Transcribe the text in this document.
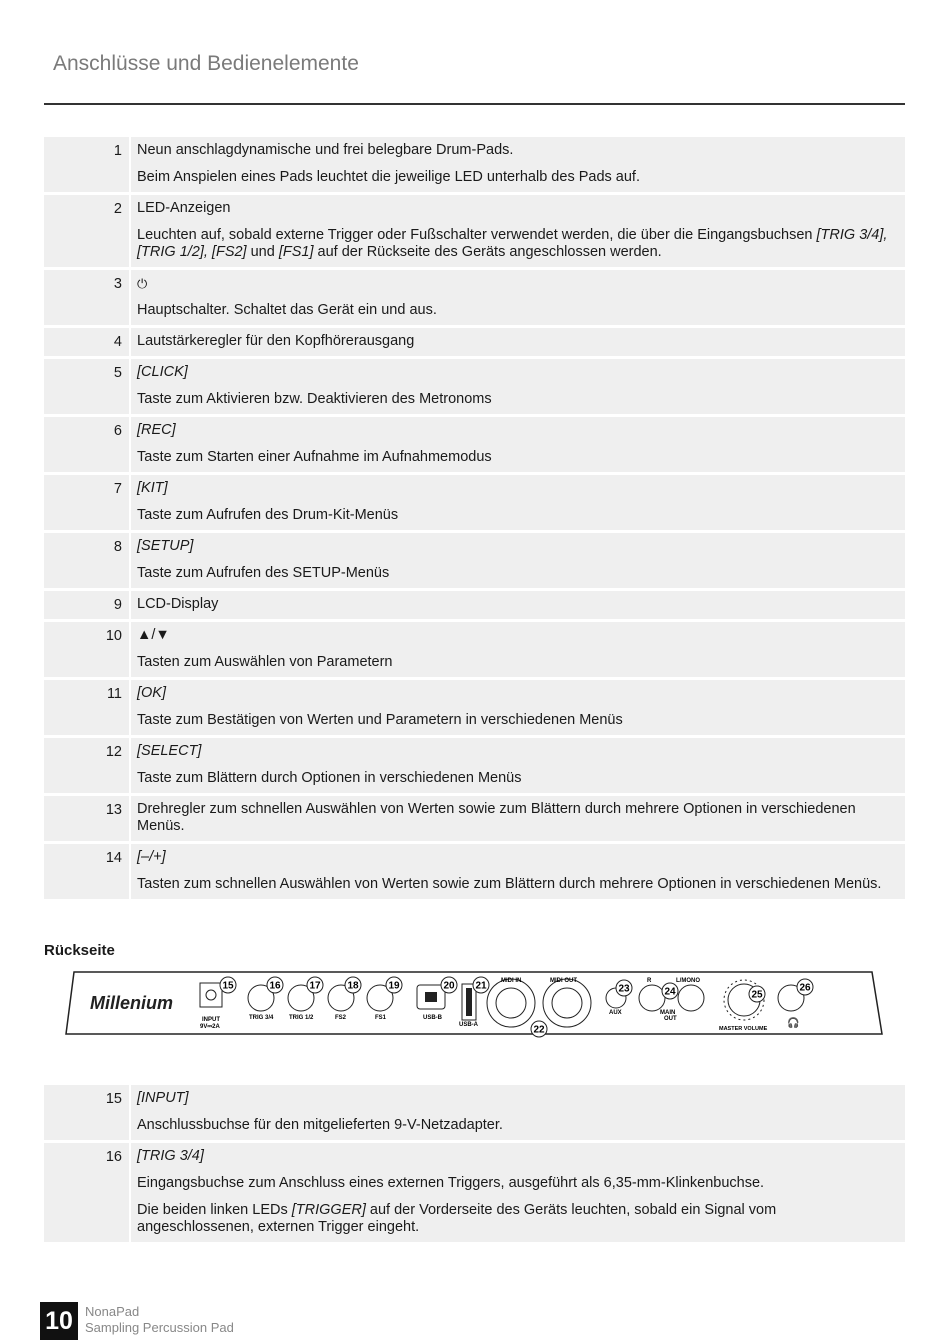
Anschlüsse und Bedienelemente
1	Neun anschlagdynamische und frei belegbare Drum-Pads.

Beim Anspielen eines Pads leuchtet die jeweilige LED unterhalb des Pads auf.

2	LED-Anzeigen

Leuchten auf, sobald externe Trigger oder Fußschalter verwendet werden, die über die Eingangsbuchsen [TRIG 3/4], [TRIG 1/2], [FS2] und [FS1] auf der Rückseite des Geräts angeschlossen werden.

3	⏻

Hauptschalter. Schaltet das Gerät ein und aus.

4	Lautstärkeregler für den Kopfhörerausgang

5	[CLICK]

Taste zum Aktivieren bzw. Deaktivieren des Metronoms

6	[REC]

Taste zum Starten einer Aufnahme im Aufnahmemodus

7	[KIT]

Taste zum Aufrufen des Drum-Kit-Menüs

8	[SETUP]

Taste zum Aufrufen des SETUP-Menüs

9	LCD-Display

10	▲/▼

Tasten zum Auswählen von Parametern

11	[OK]

Taste zum Bestätigen von Werten und Parametern in verschiedenen Menüs

12	[SELECT]

Taste zum Blättern durch Optionen in verschiedenen Menüs

13	Drehregler zum schnellen Auswählen von Werten sowie zum Blättern durch mehrere Optionen in verschiedenen Menüs.

14	[–/+]

Tasten zum schnellen Auswählen von Werten sowie zum Blättern durch mehrere Optionen in verschiedenen Menüs.

Rückseite
Millenium
INPUT
9V⎓2A
TRIG 3/4	TRIG 1/2	FS2	FS1	USB-B
USB-A
MIDI IN	MIDI OUT
AUX
R	L/MONO
MAIN
OUT
MASTER VOLUME 🎧
15	16	17	18	19	20 21
22
23	24	25
26
15	[INPUT]

Anschlussbuchse für den mitgelieferten 9-V-Netzadapter.

16	[TRIG 3/4]

Eingangsbuchse zum Anschluss eines externen Triggers, ausgeführt als 6,35-mm-Klinkenbuchse.

Die beiden linken LEDs [TRIGGER] auf der Vorderseite des Geräts leuchten, sobald ein Signal vom angeschlossenen, externen Trigger eingeht.

10 NonaPad
Sampling Percussion Pad
